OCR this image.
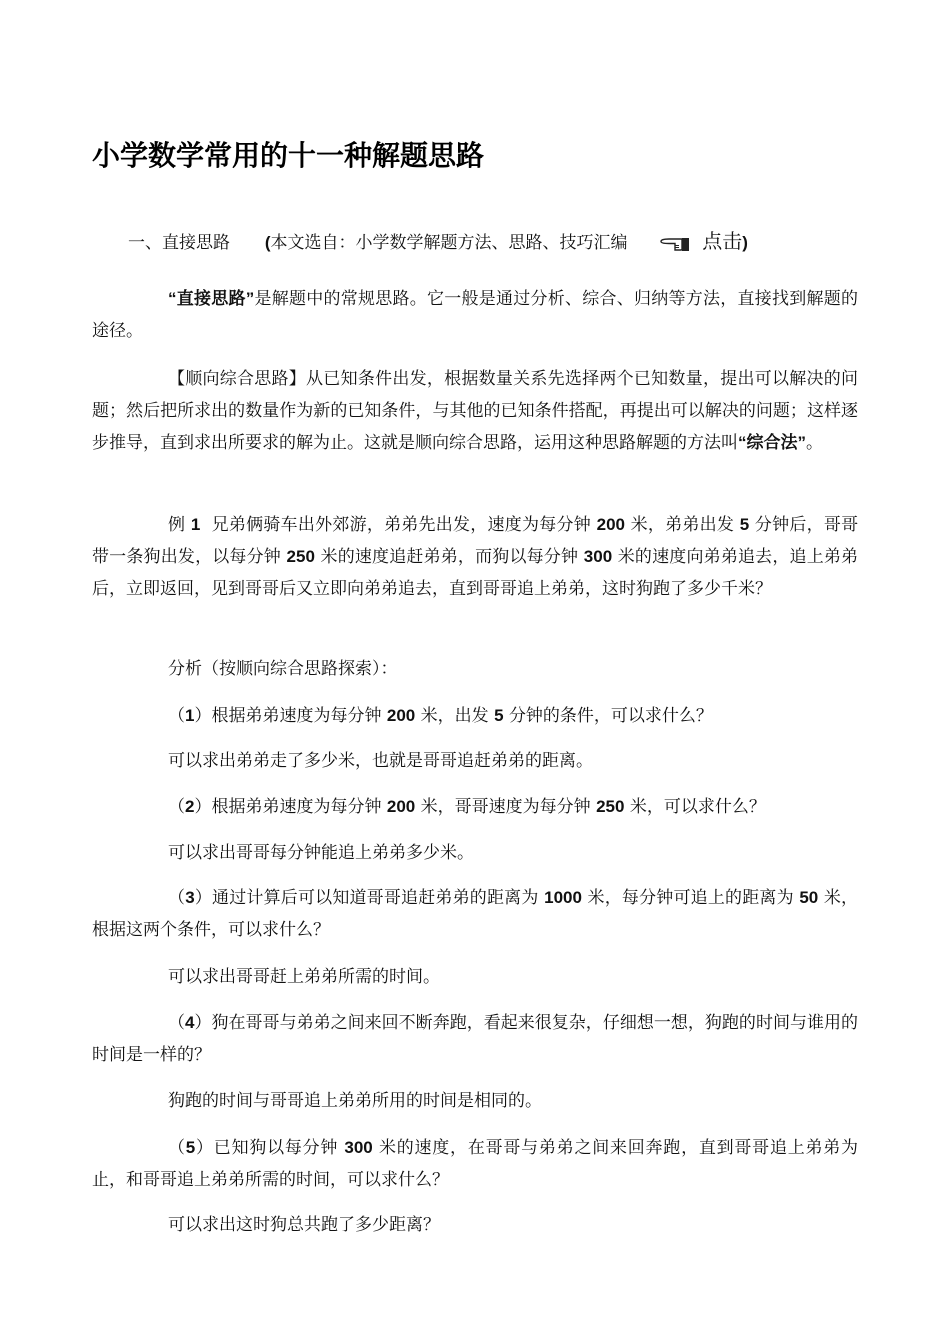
小学数学常用的十一种解题思路
一、直接思路 (本文选自：小学数学解题方法、思路、技巧汇编	点击)
“直接思路”是解题中的常规思路。它一般是通过分析、综合、归纳等方法，直接找到解题的途径。
【顺向综合思路】从已知条件出发，根据数量关系先选择两个已知数量，提出可以解决的问题；然后把所求出的数量作为新的已知条件，与其他的已知条件搭配，再提出可以解决的问题；这样逐步推导，直到求出所要求的解为止。这就是顺向综合思路，运用这种思路解题的方法叫“综合法”。
例 1 兄弟俩骑车出外郊游，弟弟先出发，速度为每分钟 200 米，弟弟出发 5 分钟后，哥哥带一条狗出发，以每分钟 250 米的速度追赶弟弟，而狗以每分钟 300 米的速度向弟弟追去，追上弟弟后，立即返回，见到哥哥后又立即向弟弟追去，直到哥哥追上弟弟，这时狗跑了多少千米？
分析（按顺向综合思路探索）：
（1）根据弟弟速度为每分钟 200 米，出发 5 分钟的条件，可以求什么？
可以求出弟弟走了多少米，也就是哥哥追赶弟弟的距离。
（2）根据弟弟速度为每分钟 200 米，哥哥速度为每分钟 250 米，可以求什么？
可以求出哥哥每分钟能追上弟弟多少米。
（3）通过计算后可以知道哥哥追赶弟弟的距离为 1000 米，每分钟可追上的距离为 50 米，根据这两个条件，可以求什么？
可以求出哥哥赶上弟弟所需的时间。
（4）狗在哥哥与弟弟之间来回不断奔跑，看起来很复杂，仔细想一想，狗跑的时间与谁用的时间是一样的？
狗跑的时间与哥哥追上弟弟所用的时间是相同的。
（5）已知狗以每分钟 300 米的速度，在哥哥与弟弟之间来回奔跑，直到哥哥追上弟弟为止，和哥哥追上弟弟所需的时间，可以求什么？
可以求出这时狗总共跑了多少距离？
